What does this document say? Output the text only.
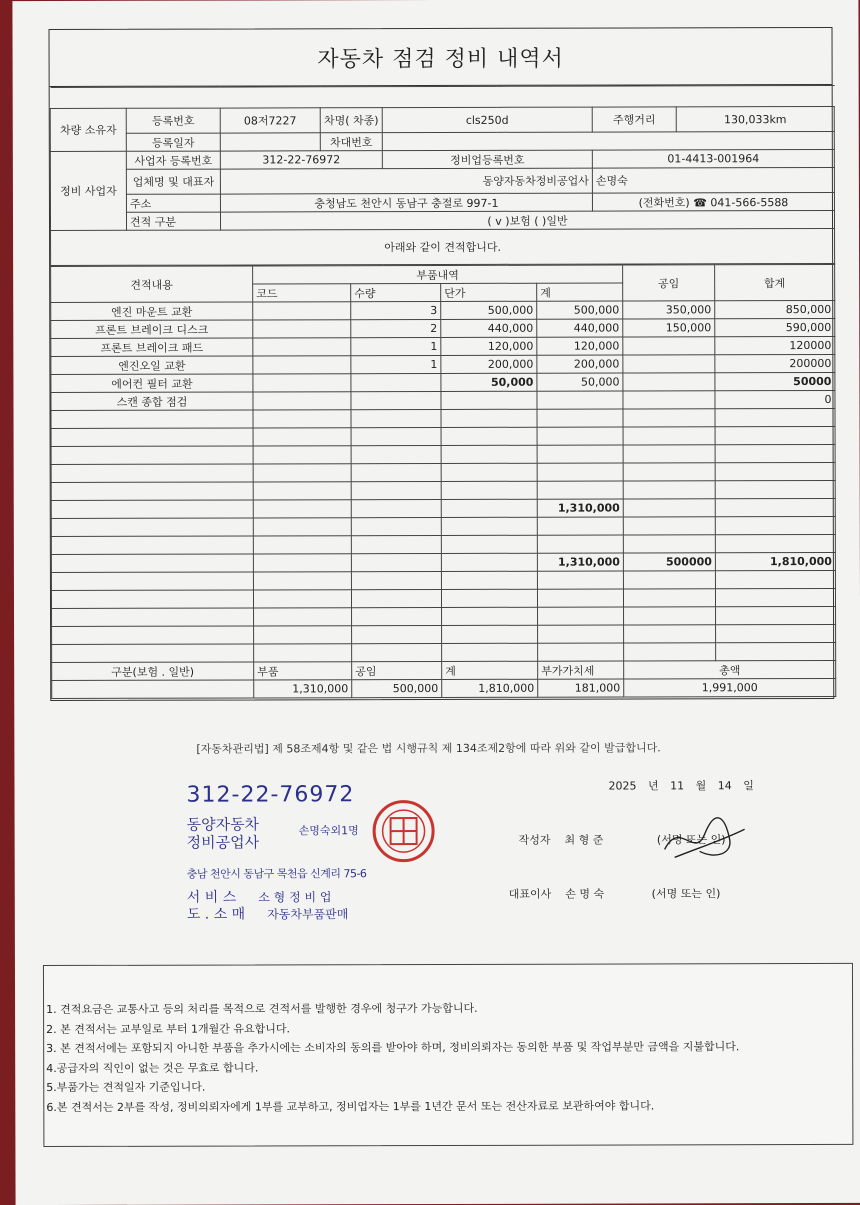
자동차 점검 정비 내역서

차량 소유자	등록번호	08저7227	차명( 차종)	cls250d	주행거리	130,033km
	등록일자		차대번호			
정비 사업자	사업자 등록번호	312-22-76972		정비업등록번호	01-4413-001964	
	업체명 및 대표자	동양자동차정비공업사			손명숙	
	주소	충청남도 천안시 동남구 충절로 997-1			(전화번호) ☎ 041-566-5588	
	견적 구분	( v )보험 ( )일반				
아래와 같이 견적합니다.						
견적내용	부품내역				공임	합계
	코드	수량	단가	계		
엔진 마운트 교환		3	500,000	500,000	350,000	850,000
프론트 브레이크 디스크		2	440,000	440,000	150,000	590,000
프론트 브레이크 패드		1	120,000	120,000		120000
엔진오일 교환		1	200,000	200,000		200000
에어컨 필터 교환			50,000	50,000		50000
스캔 종합 점검						0

				1,310,000		

				1,310,000	500000	1,810,000

구분(보험 . 일반)	부품	공임	계	부가가치세	총액	
	1,310,000	500,000	1,810,000	181,000	1,991,000	
[자동차관리법] 제 58조제4항 및 같은 법 시행규칙 제 134조제2항에 따라 위와 같이 발급합니다.
2025 년 11 월 14 일
312-22-76972
동양자동차
정비공업사
손명숙외1명
충남 천안시 동남구 목천읍 신계리 75-6
서 비 스 소 형 정 비 업
도 . 소 매 자동차부품판매
작성자 최 형 준	(서명 또는 인)
대표이사 손 명 숙	(서명 또는 인)
1. 견적요금은 교통사고 등의 처리를 목적으로 견적서를 발행한 경우에 청구가 가능합니다.
2. 본 견적서는 교부일로 부터 1개월간 유요합니다.
3. 본 견적서에는 포함되지 아니한 부품을 추가시에는 소비자의 동의를 받아야 하며, 정비의뢰자는 동의한 부품 및 작업부분만 금액을 지불합니다.
4.공급자의 직인이 없는 것은 무효로 합니다.
5.부품가는 견적일자 기준입니다.
6.본 견적서는 2부를 작성, 정비의뢰자에게 1부를 교부하고, 정비업자는 1부를 1년간 문서 또는 전산자료로 보관하여야 합니다.
